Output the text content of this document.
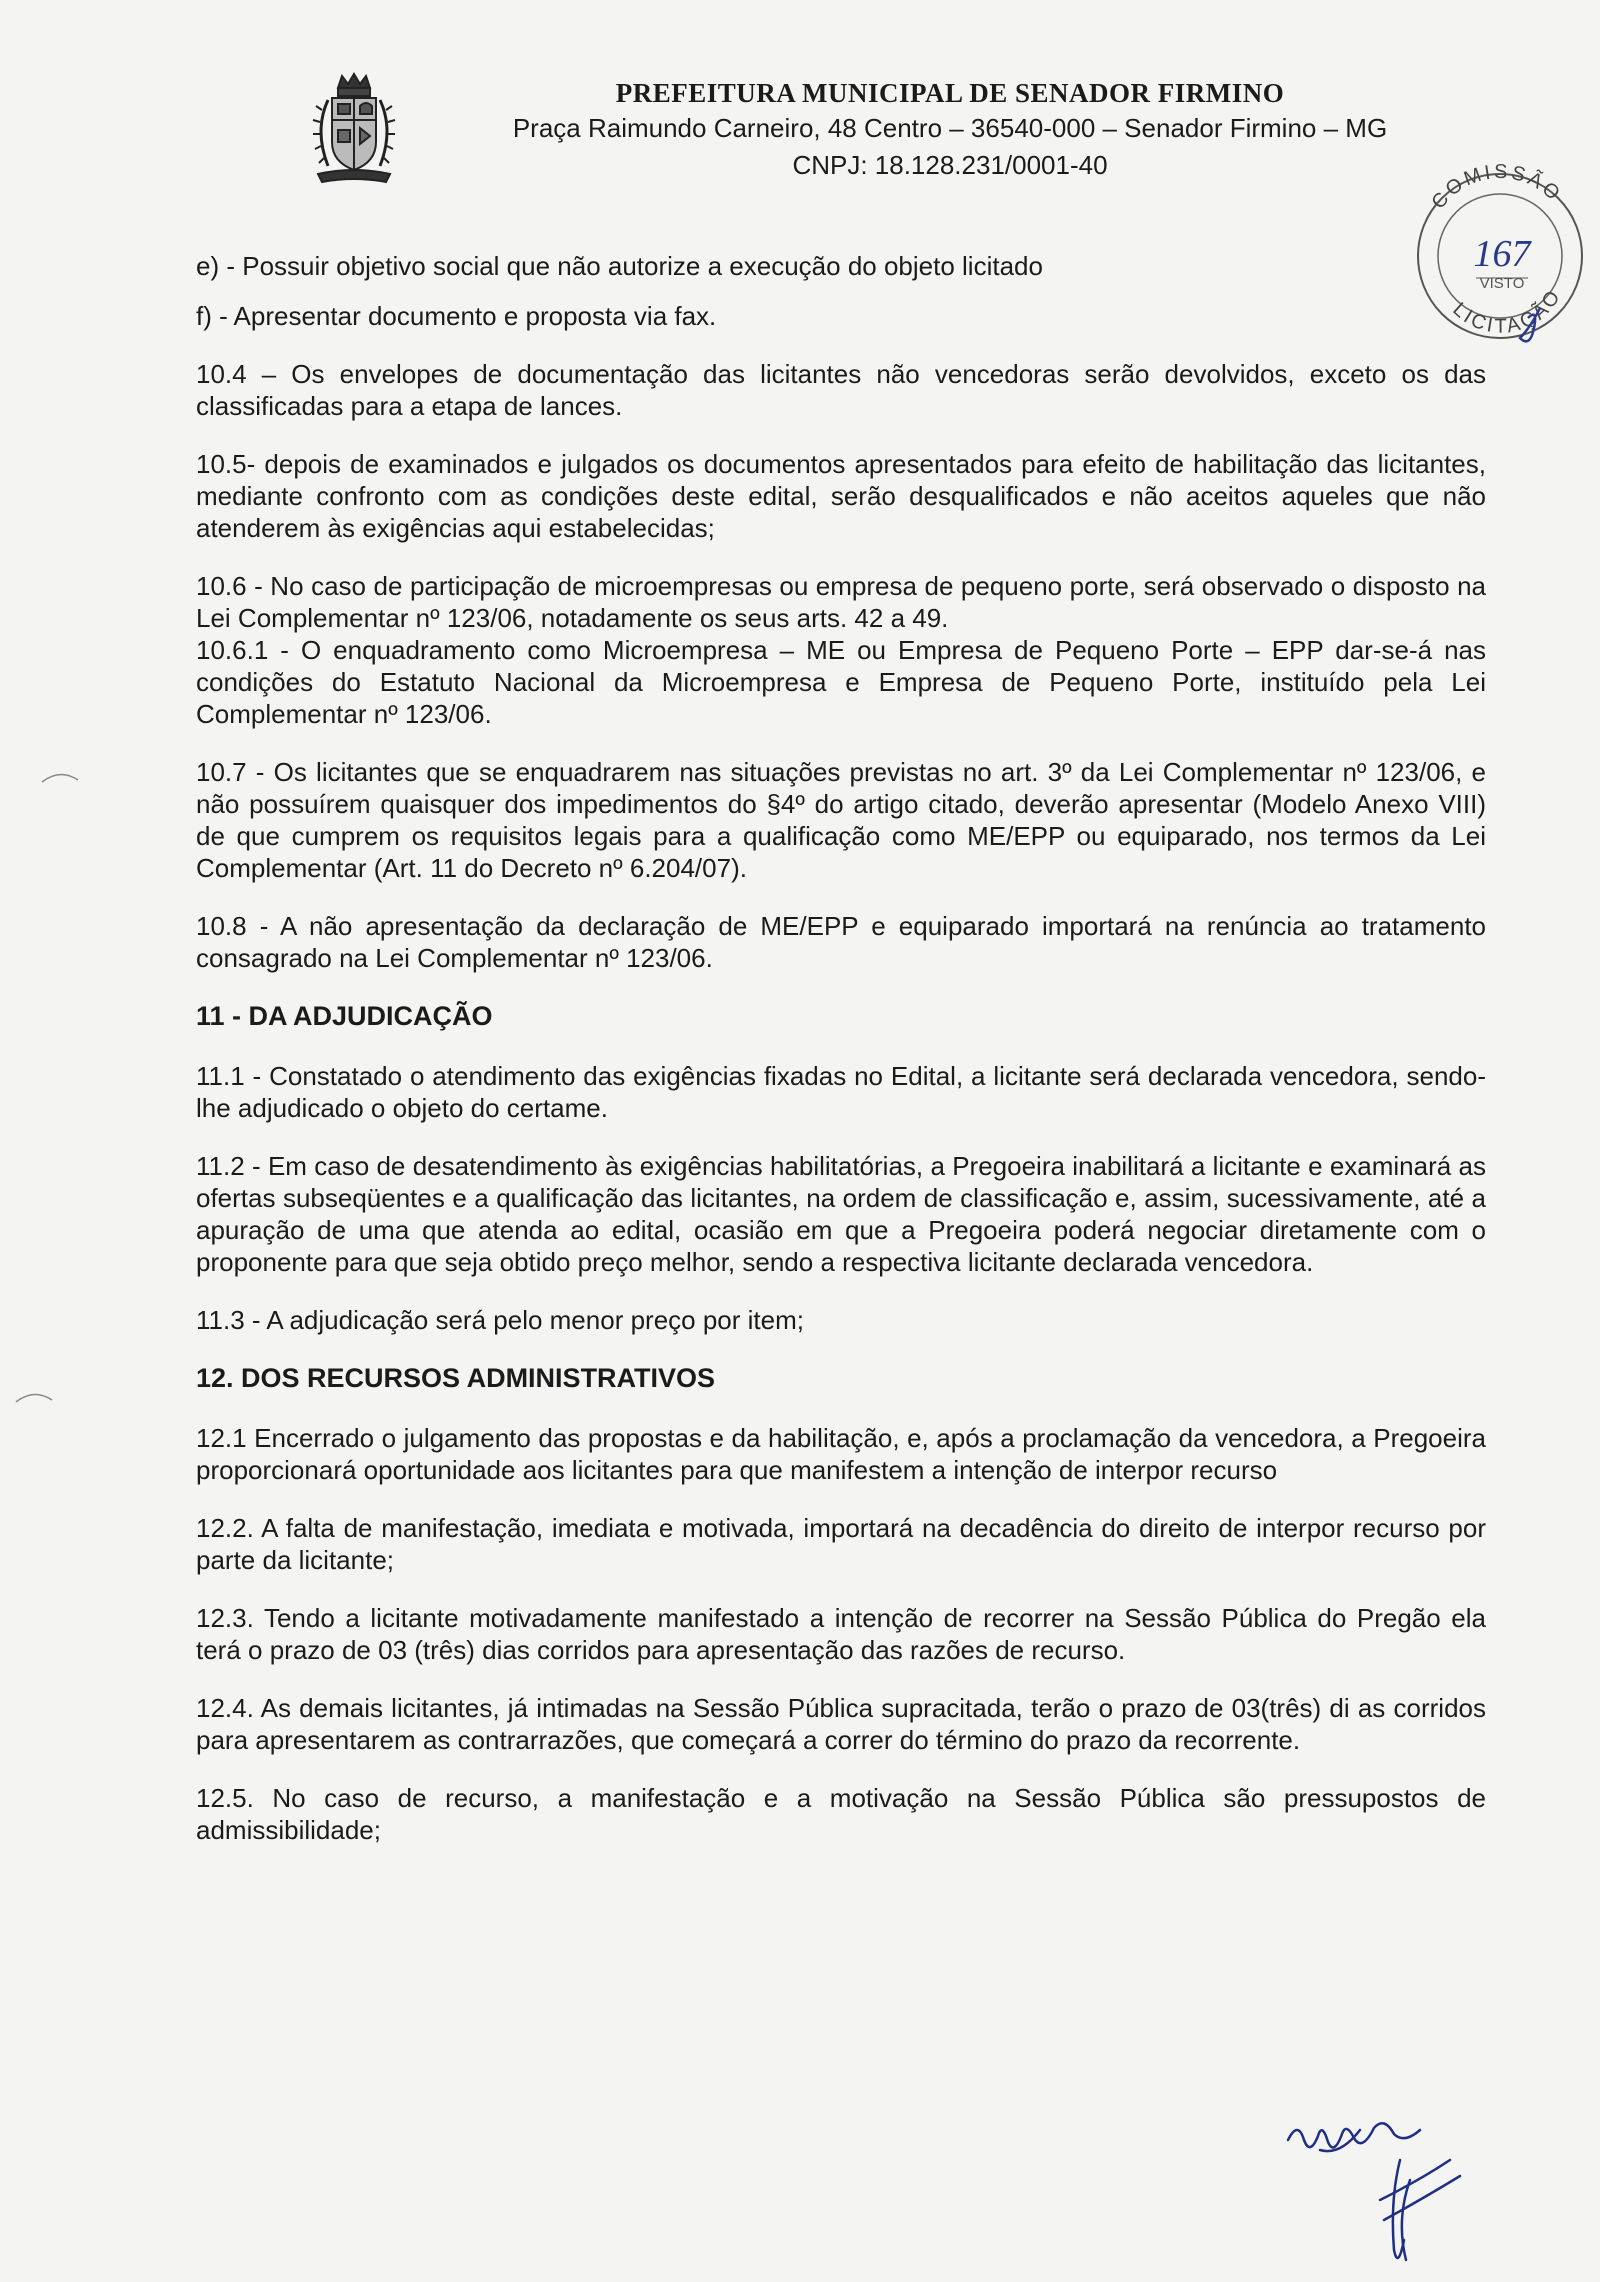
PREFEITURA MUNICIPAL DE SENADOR FIRMINO
Praça Raimundo Carneiro, 48 Centro – 36540-000 – Senador Firmino – MG
CNPJ: 18.128.231/0001-40
COMISSÃO
LICITAÇÃO
167
VISTO
e) - Possuir objetivo social que não autorize a execução do objeto licitado
f) - Apresentar documento e proposta via fax.
10.4 – Os envelopes de documentação das licitantes não vencedoras serão devolvidos, exceto os das classificadas para a etapa de lances.
10.5- depois de examinados e julgados os documentos apresentados para efeito de habilitação das licitantes, mediante confronto com as condições deste edital, serão desqualificados e não aceitos aqueles que não atenderem às exigências aqui estabelecidas;
10.6 - No caso de participação de microempresas ou empresa de pequeno porte, será observado o disposto na Lei Complementar nº 123/06, notadamente os seus arts. 42 a 49.
10.6.1 - O enquadramento como Microempresa – ME ou Empresa de Pequeno Porte – EPP dar-se-á nas condições do Estatuto Nacional da Microempresa e Empresa de Pequeno Porte, instituído pela Lei Complementar nº 123/06.
10.7 - Os licitantes que se enquadrarem nas situações previstas no art. 3º da Lei Complementar nº 123/06, e não possuírem quaisquer dos impedimentos do §4º do artigo citado, deverão apresentar (Modelo Anexo VIII) de que cumprem os requisitos legais para a qualificação como ME/EPP ou equiparado, nos termos da Lei Complementar (Art. 11 do Decreto nº 6.204/07).
10.8 - A não apresentação da declaração de ME/EPP e equiparado importará na renúncia ao tratamento consagrado na Lei Complementar nº 123/06.
11 - DA ADJUDICAÇÃO
11.1 - Constatado o atendimento das exigências fixadas no Edital, a licitante será declarada vencedora, sendo-lhe adjudicado o objeto do certame.
11.2 - Em caso de desatendimento às exigências habilitatórias, a Pregoeira inabilitará a licitante e examinará as ofertas subseqüentes e a qualificação das licitantes, na ordem de classificação e, assim, sucessivamente, até a apuração de uma que atenda ao edital, ocasião em que a Pregoeira poderá negociar diretamente com o proponente para que seja obtido preço melhor, sendo a respectiva licitante declarada vencedora.
11.3 - A adjudicação será pelo menor preço por item;
12. DOS RECURSOS ADMINISTRATIVOS
12.1 Encerrado o julgamento das propostas e da habilitação, e, após a proclamação da vencedora, a Pregoeira proporcionará oportunidade aos licitantes para que manifestem a intenção de interpor recurso
12.2. A falta de manifestação, imediata e motivada, importará na decadência do direito de interpor recurso por parte da licitante;
12.3. Tendo a licitante motivadamente manifestado a intenção de recorrer na Sessão Pública do Pregão ela terá o prazo de 03 (três) dias corridos para apresentação das razões de recurso.
12.4. As demais licitantes, já intimadas na Sessão Pública supracitada, terão o prazo de 03(três) di as corridos para apresentarem as contrarrazões, que começará a correr do término do prazo da recorrente.
12.5. No caso de recurso, a manifestação e a motivação na Sessão Pública são pressupostos de admissibilidade;
